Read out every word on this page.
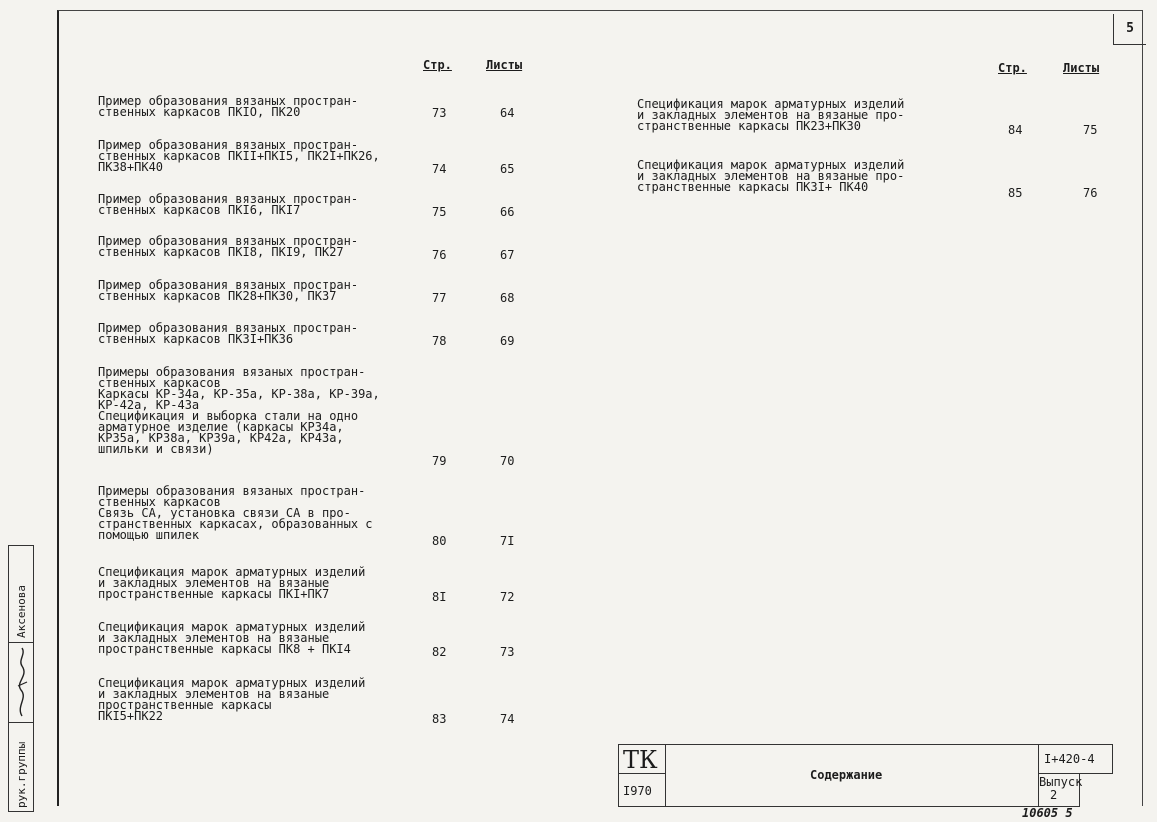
5
Стр.	Листы	Стр.	Листы
Пример образования вязаных простран-
ственных каркасов ПКIO, ПК20	73	64
Пример образования вязаных простран-
ственных каркасов ПКII+ПКI5, ПК2I+ПК26,
ПК38+ПК40	74	65
Пример образования вязаных простран-
ственных каркасов ПКI6, ПКI7	75	66
Пример образования вязаных простран-
ственных каркасов ПКI8, ПКI9, ПК27	76	67
Пример образования вязаных простран-
ственных каркасов ПК28+ПК30, ПК37	77	68
Пример образования вязаных простран-
ственных каркасов ПК3I+ПК36	78	69
Примеры образования вязаных простран-
ственных каркасов
Каркасы КР-34а, КР-35а, КР-38а, КР-39а,
КР-42а, КР-43а
Спецификация и выборка стали на одно
арматурное изделие (каркасы КР34а,
КР35а, КР38а, КР39а, КР42а, КР43а,
шпильки и связи)
79	70
Примеры образования вязаных простран-
ственных каркасов
Связь СА, установка связи СА в про-
странственных каркасах, образованных с
помощью шпилек	80	7I
Спецификация марок арматурных изделий
и закладных элементов на вязаные
пространственные каркасы ПКI+ПК7	8I	72
Спецификация марок арматурных изделий
и закладных элементов на вязаные
пространственные каркасы ПК8 + ПКI4	82	73
Спецификация марок арматурных изделий
и закладных элементов на вязаные
пространственные каркасы
ПКI5+ПК22	83	74
Спецификация марок арматурных изделий
и закладных элементов на вязаные про-
странственные каркасы ПК23+ПК30	84	75
Спецификация марок арматурных изделий
и закладных элементов на вязаные про-
странственные каркасы ПК3I+ ПК40	85	76
Аксенова
рук.группы	ТК
I970
Содержание
I+420-4
Выпуск
2
10605 5
